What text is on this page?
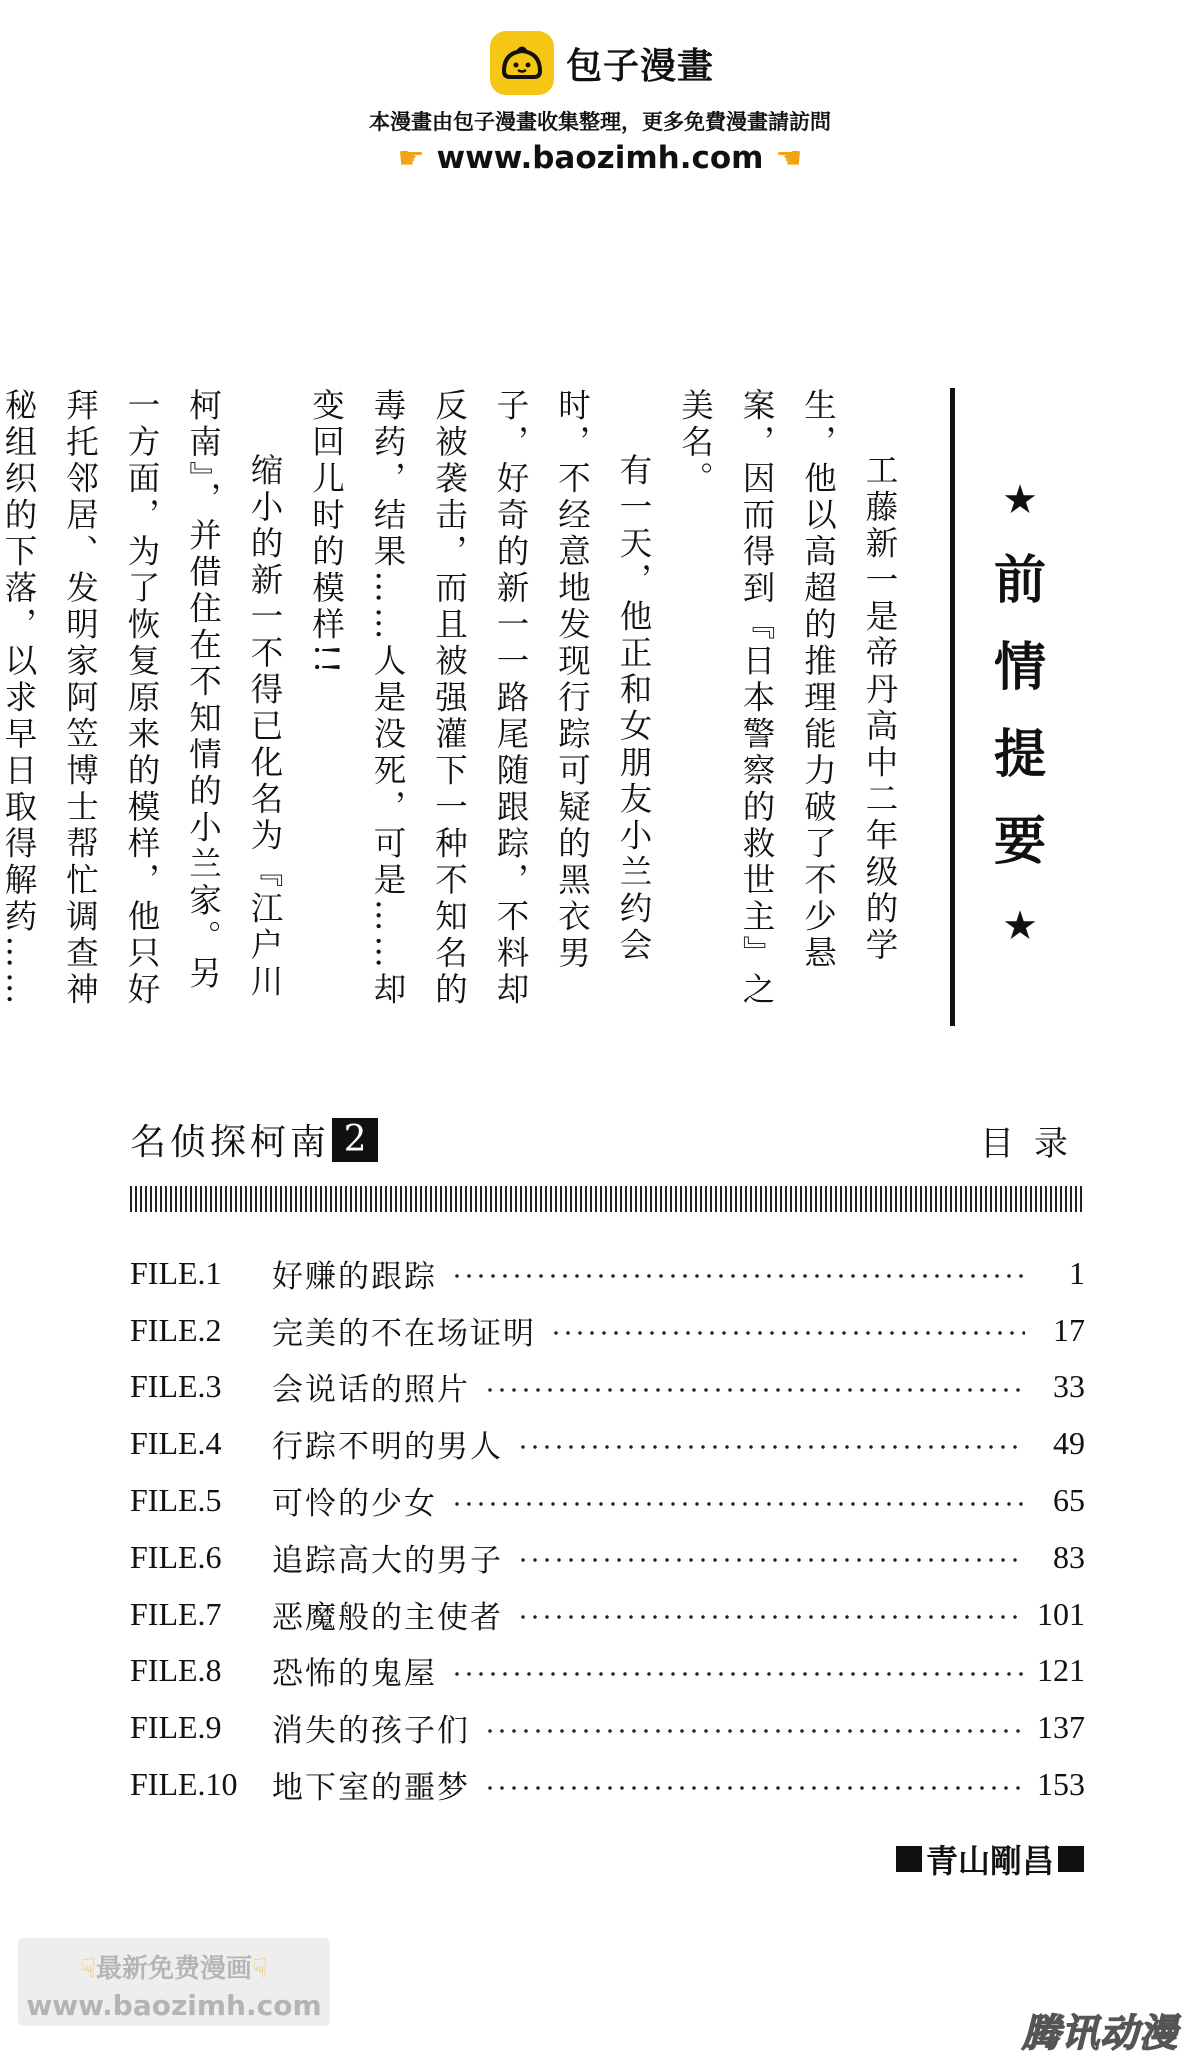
包子漫畫
本漫畫由包子漫畫收集整理，更多免費漫畫請訪問
☛ www.baozimh.com ☚

工藤新一是帝丹高中二年级的学生，他以高超的推理能力破了不少悬案，因而得到『日本警察的救世主』之美名。

有一天，他正和女朋友小兰约会时，不经意地发现行踪可疑的黑衣男子，好奇的新一一路尾随跟踪，不料却反被袭击，而且被强灌下一种不知名的毒药，结果……人是没死，可是……却变回儿时的模样!!

缩小的新一不得已化名为『江户川柯南』，并借住在不知情的小兰家。另一方面，为了恢复原来的模样，他只好拜托邻居、发明家阿笠博士帮忙调查神秘组织的下落，以求早日取得解药……	★
前
情
提
要
★
名侦探柯南 2	目录
FILE.1	好赚的跟踪	1
FILE.2	完美的不在场证明	17
FILE.3	会说话的照片	33
FILE.4	行踪不明的男人	49
FILE.5	可怜的少女	65
FILE.6	追踪高大的男子	83
FILE.7	恶魔般的主使者	101
FILE.8	恐怖的鬼屋	121
FILE.9	消失的孩子们	137
FILE.10	地下室的噩梦	153
青山剛昌
☟最新免费漫画☟
www.baozimh.com
腾讯动漫
